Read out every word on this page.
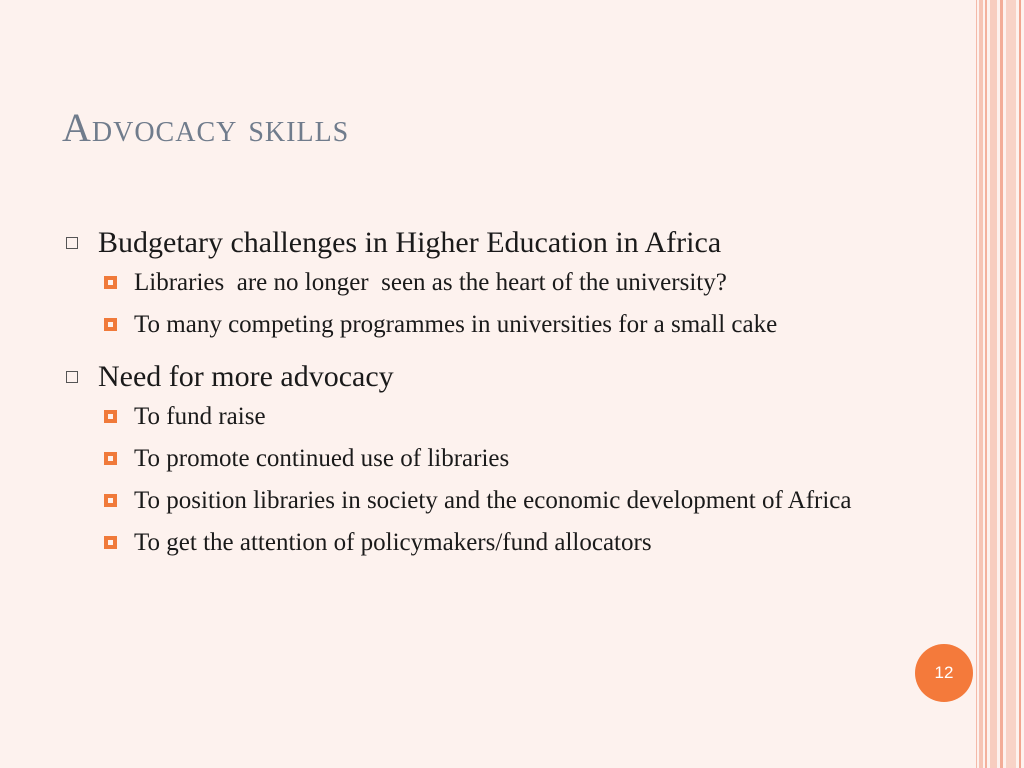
Advocacy skills
Budgetary challenges in Higher Education in Africa
Libraries  are no longer  seen as the heart of the university?
To many competing programmes in universities for a small cake
Need for more advocacy
To fund raise
To promote continued use of libraries
To position libraries in society and the economic development of Africa
To get the attention of policymakers/fund allocators
12
